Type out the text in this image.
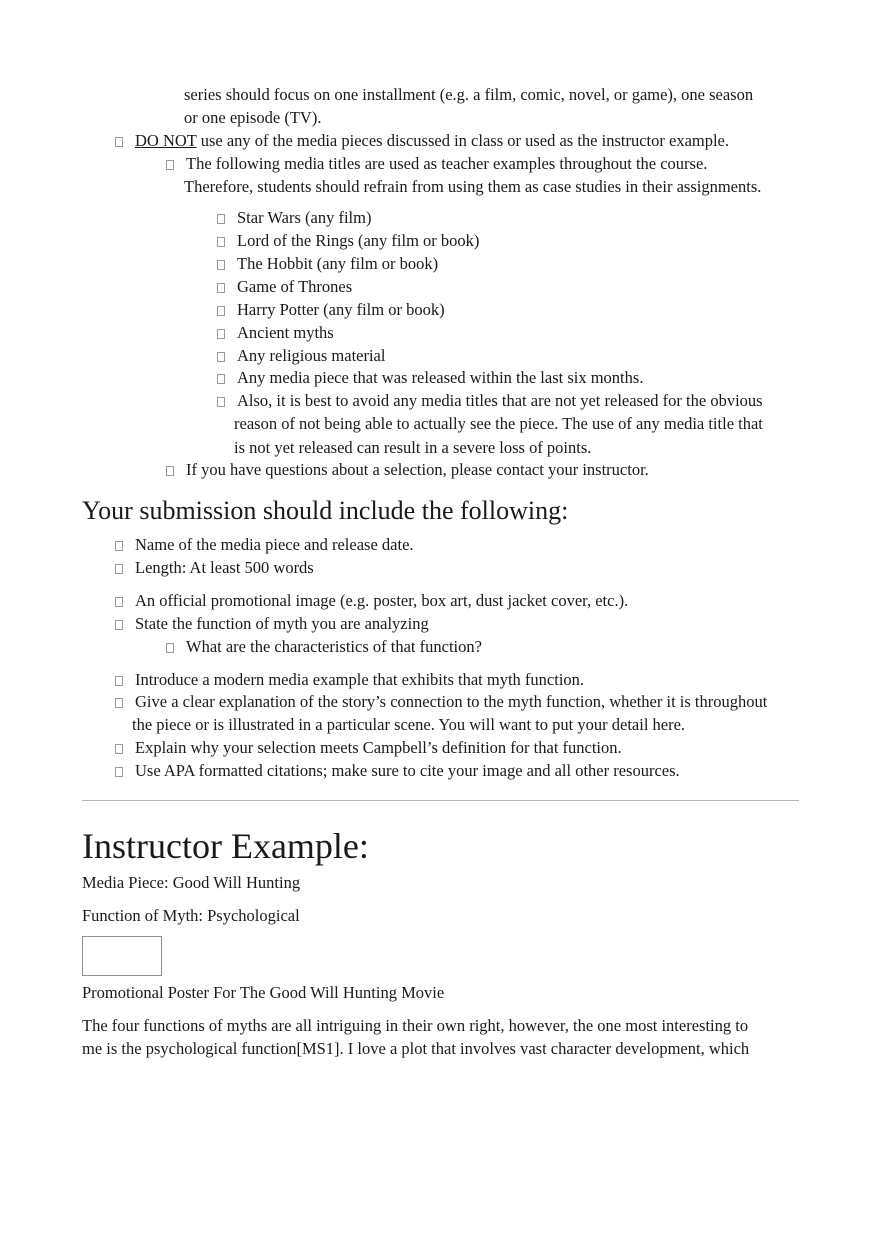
series should focus on one installment (e.g. a film, comic, novel, or game), one season
or one episode (TV).
DO NOT use any of the media pieces discussed in class or used as the instructor example.
The following media titles are used as teacher examples throughout the course.
Therefore, students should refrain from using them as case studies in their assignments.
Star Wars (any film)
Lord of the Rings (any film or book)
The Hobbit (any film or book)
Game of Thrones
Harry Potter (any film or book)
Ancient myths
Any religious material
Any media piece that was released within the last six months.
Also, it is best to avoid any media titles that are not yet released for the obvious
reason of not being able to actually see the piece. The use of any media title that
is not yet released can result in a severe loss of points.
If you have questions about a selection, please contact your instructor.
Your submission should include the following:
Name of the media piece and release date.
Length: At least 500 words
An official promotional image (e.g. poster, box art, dust jacket cover, etc.).
State the function of myth you are analyzing
What are the characteristics of that function?
Introduce a modern media example that exhibits that myth function.
Give a clear explanation of the story’s connection to the myth function, whether it is throughout
the piece or is illustrated in a particular scene. You will want to put your detail here.
Explain why your selection meets Campbell’s definition for that function.
Use APA formatted citations; make sure to cite your image and all other resources.
Instructor Example:
Media Piece: Good Will Hunting
Function of Myth: Psychological
Promotional Poster For The Good Will Hunting Movie
The four functions of myths are all intriguing in their own right, however, the one most interesting to
me is the psychological function[MS1]. I love a plot that involves vast character development, which
